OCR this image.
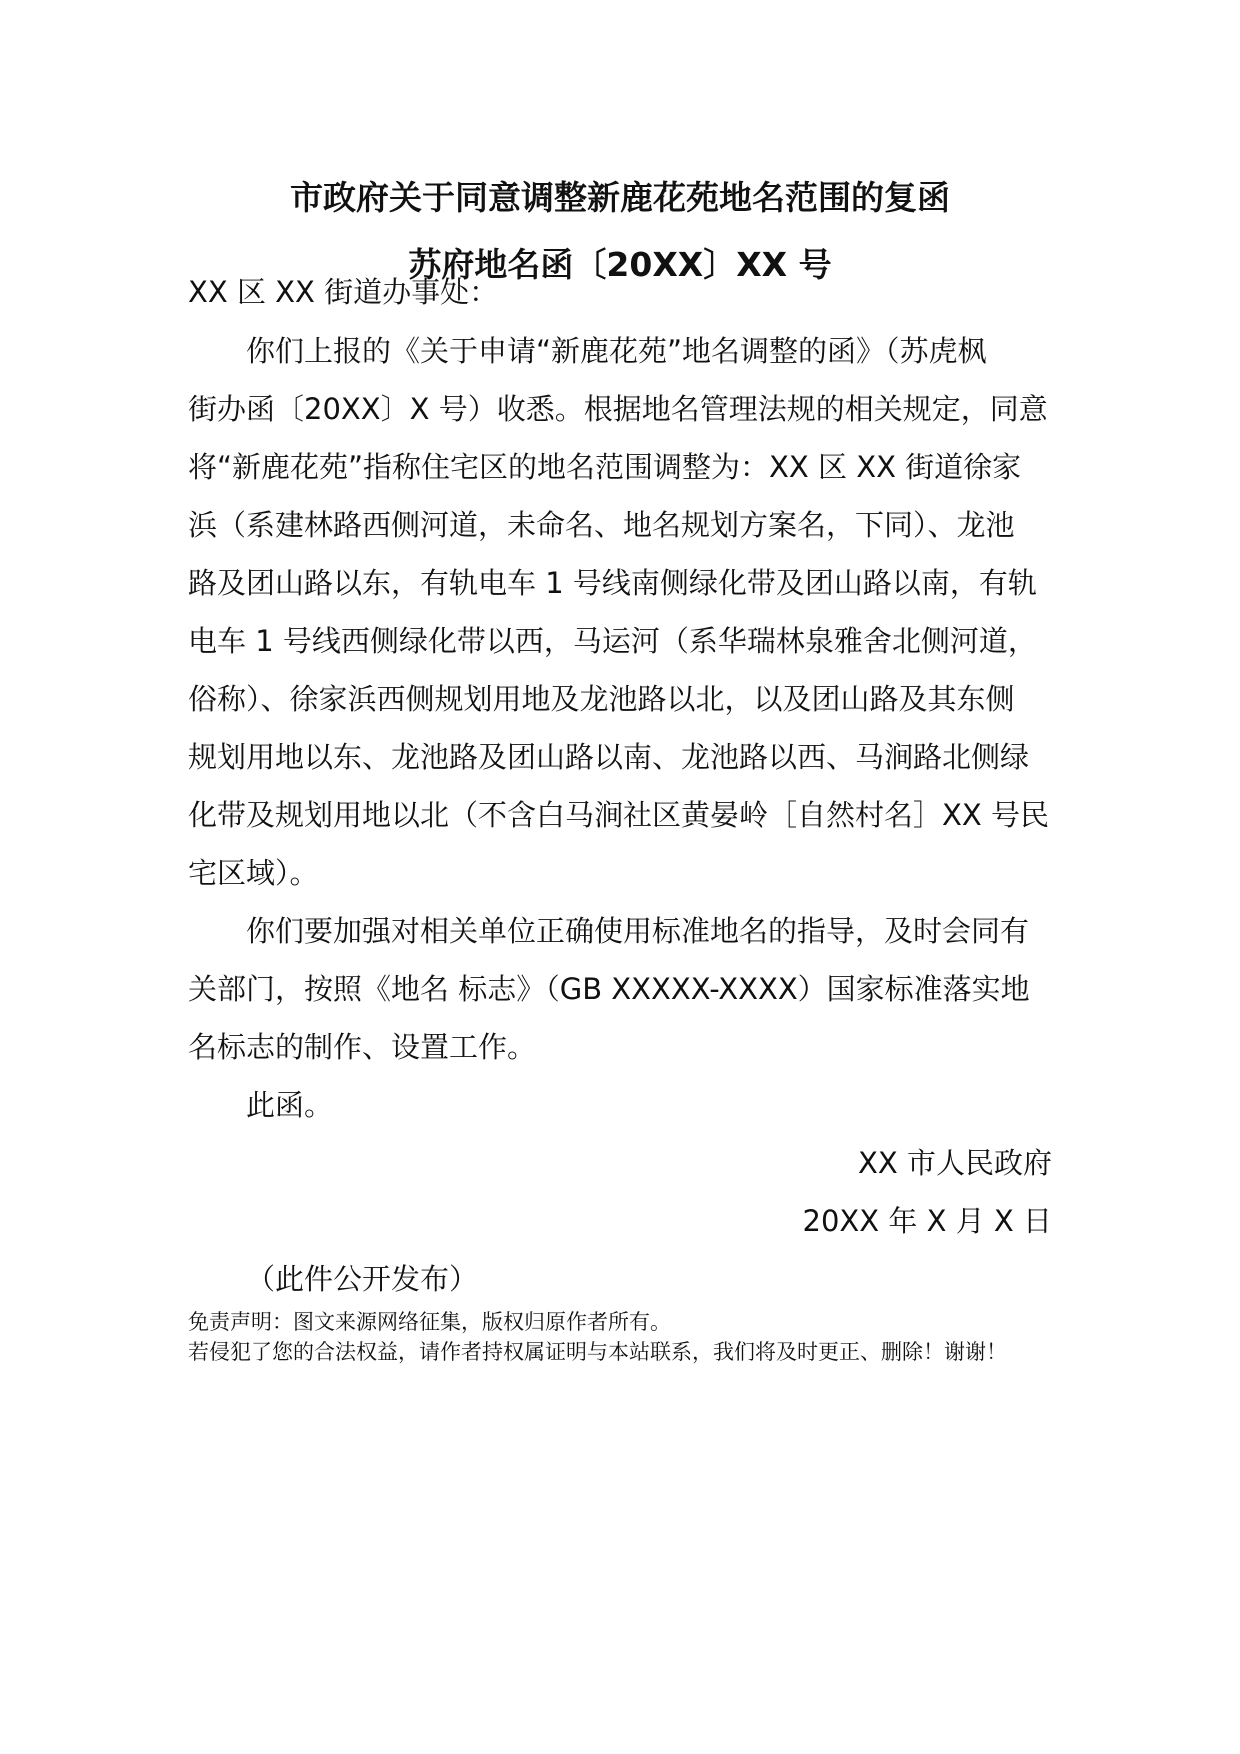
市政府关于同意调整新鹿花苑地名范围的复函
苏府地名函〔20XX〕XX 号
XX 区 XX 街道办事处：
你们上报的《关于申请“新鹿花苑”地名调整的函》（苏虎枫
街办函〔20XX〕X 号）收悉。根据地名管理法规的相关规定，同意
将“新鹿花苑”指称住宅区的地名范围调整为：XX 区 XX 街道徐家
浜（系建林路西侧河道，未命名、地名规划方案名，下同）、龙池
路及团山路以东，有轨电车 1 号线南侧绿化带及团山路以南，有轨
电车 1 号线西侧绿化带以西，马运河（系华瑞林泉雅舍北侧河道，
俗称）、徐家浜西侧规划用地及龙池路以北，以及团山路及其东侧
规划用地以东、龙池路及团山路以南、龙池路以西、马涧路北侧绿
化带及规划用地以北（不含白马涧社区黄晏岭［自然村名］XX 号民
宅区域）。
你们要加强对相关单位正确使用标准地名的指导，及时会同有
关部门，按照《地名 标志》（GB XXXXX-XXXX）国家标准落实地
名标志的制作、设置工作。
此函。
XX 市人民政府
20XX 年 X 月 X 日
（此件公开发布）
免责声明：图文来源网络征集，版权归原作者所有。
若侵犯了您的合法权益，请作者持权属证明与本站联系，我们将及时更正、删除！谢谢！
